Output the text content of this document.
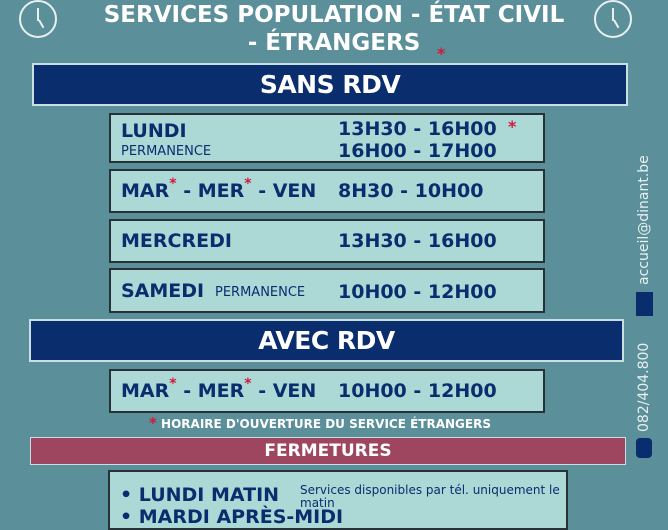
SERVICES POPULATION - ÉTAT CIVIL
- ÉTRANGERS	*
SANS RDV
LUNDI
PERMANENCE
13H30 - 16H00 *
16H00 - 17H00
MAR* - MER* - VEN 8H30 - 10H00
MERCREDI	13H30 - 16H00
SAMEDI PERMANENCE 10H00 - 12H00
AVEC RDV
MAR* - MER* - VEN 10H00 - 12H00
* HORAIRE D'OUVERTURE DU SERVICE ÉTRANGERS
FERMETURES
• LUNDI MATIN Services disponibles par tél. uniquement le matin
• MARDI APRÈS-MIDI
accueil@dinant.be
082/404.800
